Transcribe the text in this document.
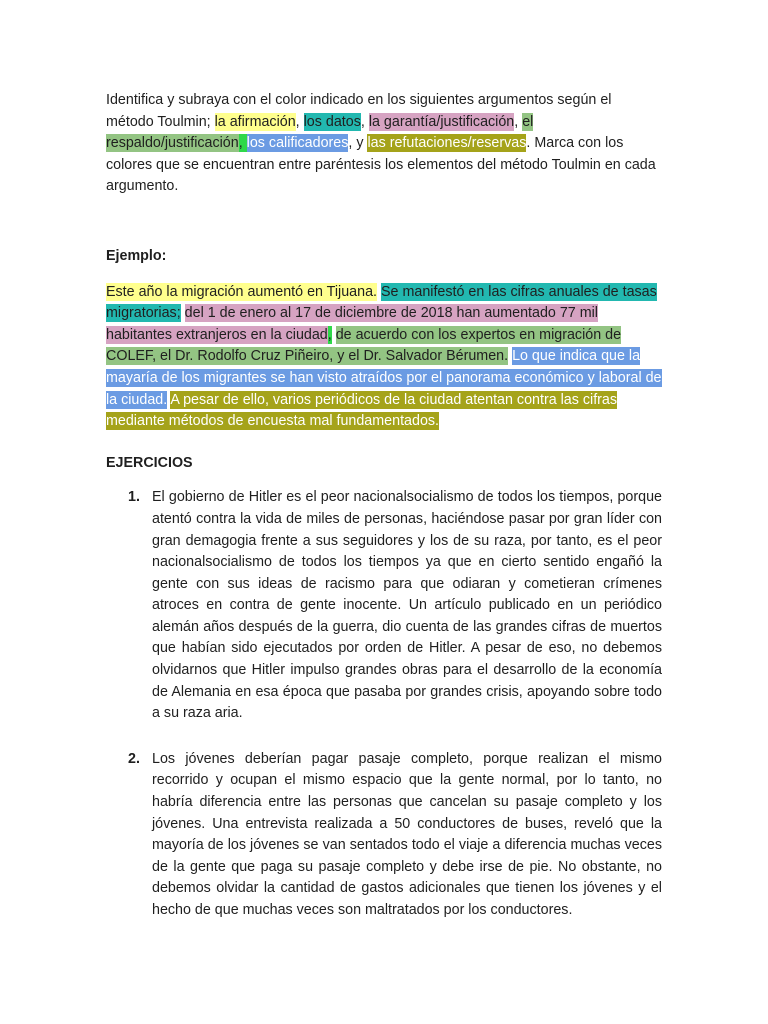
Identifica y subraya con el color indicado en los siguientes argumentos según el método Toulmin; la afirmación, los datos, la garantía/justificación, el respaldo/justificación, los calificadores, y las refutaciones/reservas. Marca con los colores que se encuentran entre paréntesis los elementos del método Toulmin en cada argumento.

Ejemplo:

Este año la migración aumentó en Tijuana. Se manifestó en las cifras anuales de tasas migratorias; del 1 de enero al 17 de diciembre de 2018 han aumentado 77 mil habitantes extranjeros en la ciudad, de acuerdo con los expertos en migración de COLEF, el Dr. Rodolfo Cruz Piñeiro, y el Dr. Salvador Bérumen. Lo que indica que la mayaría de los migrantes se han visto atraídos por el panorama económico y laboral de la ciudad. A pesar de ello, varios periódicos de la ciudad atentan contra las cifras mediante métodos de encuesta mal fundamentados.

EJERCICIOS

1. El gobierno de Hitler es el peor nacionalsocialismo de todos los tiempos, porque atentó contra la vida de miles de personas, haciéndose pasar por gran líder con gran demagogia frente a sus seguidores y los de su raza, por tanto, es el peor nacionalsocialismo de todos los tiempos ya que en cierto sentido engañó la gente con sus ideas de racismo para que odiaran y cometieran crímenes atroces en contra de gente inocente. Un artículo publicado en un periódico alemán años después de la guerra, dio cuenta de las grandes cifras de muertos que habían sido ejecutados por orden de Hitler. A pesar de eso, no debemos olvidarnos que Hitler impulso grandes obras para el desarrollo de la economía de Alemania en esa época que pasaba por grandes crisis, apoyando sobre todo a su raza aria.
2. Los jóvenes deberían pagar pasaje completo, porque realizan el mismo recorrido y ocupan el mismo espacio que la gente normal, por lo tanto, no habría diferencia entre las personas que cancelan su pasaje completo y los jóvenes. Una entrevista realizada a 50 conductores de buses, reveló que la mayoría de los jóvenes se van sentados todo el viaje a diferencia muchas veces de la gente que paga su pasaje completo y debe irse de pie. No obstante, no debemos olvidar la cantidad de gastos adicionales que tienen los jóvenes y el hecho de que muchas veces son maltratados por los conductores.
